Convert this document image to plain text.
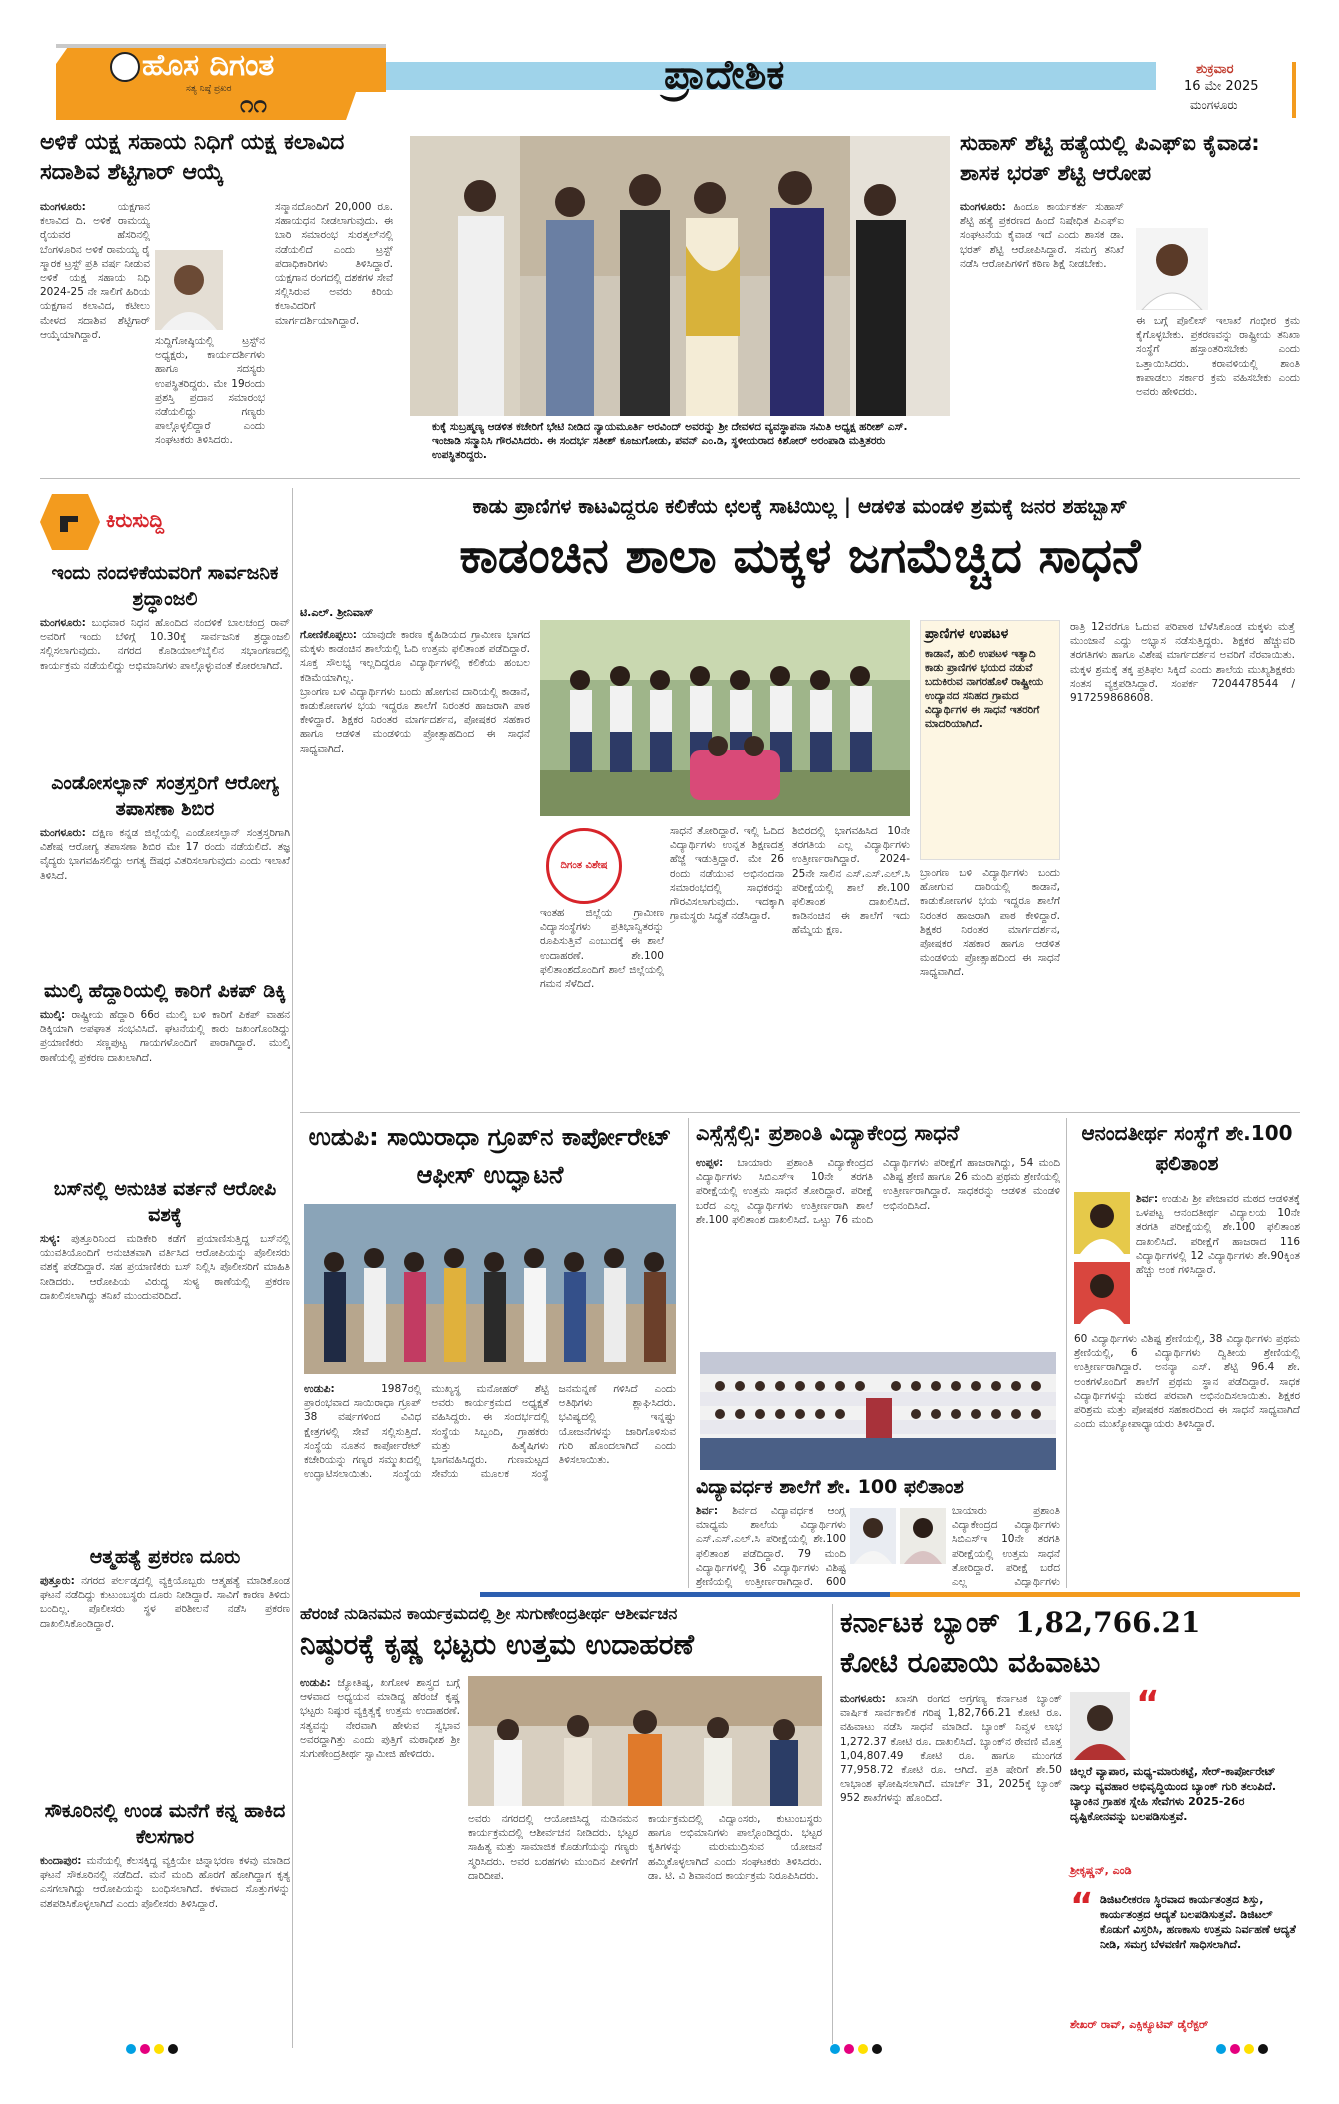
ಹೊಸ ದಿಗಂತ
ಸತ್ಯ ನಿಷ್ಠೆ ಪ್ರಖರ
೧೧
ಪ್ರಾದೇಶಿಕ	ಶುಕ್ರವಾರ
16 ಮೇ 2025
ಮಂಗಳೂರು
ಅಳಿಕೆ ಯಕ್ಷ ಸಹಾಯ ನಿಧಿಗೆ ಯಕ್ಷ ಕಲಾವಿದ ಸದಾಶಿವ ಶೆಟ್ಟಿಗಾರ್ ಆಯ್ಕೆ
ಮಂಗಳೂರು:	ಯಕ್ಷಗಾನ ಕಲಾವಿದ ದಿ. ಅಳಿಕೆ ರಾಮಯ್ಯ ರೈಯವರ ಹೆಸರಿನಲ್ಲಿ ಬೆಂಗಳೂರಿನ ಅಳಿಕೆ ರಾಮಯ್ಯ ರೈ ಸ್ಮಾರಕ ಟ್ರಸ್ಟ್ ಪ್ರತಿ ವರ್ಷ ನೀಡುವ ಅಳಿಕೆ ಯಕ್ಷ ಸಹಾಯ ನಿಧಿ 2024-25 ನೇ ಸಾಲಿಗೆ ಹಿರಿಯ ಯಕ್ಷಗಾನ ಕಲಾವಿದ, ಕಟೀಲು ಮೇಳದ ಸದಾಶಿವ ಶೆಟ್ಟಿಗಾರ್ ಆಯ್ಕೆಯಾಗಿದ್ದಾರೆ.
ಸುದ್ದಿಗೋಷ್ಠಿಯಲ್ಲಿ ಟ್ರಸ್ಟ್‌ನ ಅಧ್ಯಕ್ಷರು, ಕಾರ್ಯದರ್ಶಿಗಳು ಹಾಗೂ ಸದಸ್ಯರು ಉಪಸ್ಥಿತರಿದ್ದರು. ಮೇ 19ರಂದು ಪ್ರಶಸ್ತಿ ಪ್ರದಾನ ಸಮಾರಂಭ ನಡೆಯಲಿದ್ದು ಗಣ್ಯರು ಪಾಲ್ಗೊಳ್ಳಲಿದ್ದಾರೆ ಎಂದು ಸಂಘಟಕರು ತಿಳಿಸಿದರು.
ಸನ್ಮಾನದೊಂದಿಗೆ 20,000 ರೂ. ಸಹಾಯಧನ ನೀಡಲಾಗುವುದು. ಈ ಬಾರಿ ಸಮಾರಂಭ ಸುರತ್ಕಲ್‌ನಲ್ಲಿ ನಡೆಯಲಿದೆ ಎಂದು ಟ್ರಸ್ಟ್ ಪದಾಧಿಕಾರಿಗಳು ತಿಳಿಸಿದ್ದಾರೆ. ಯಕ್ಷಗಾನ ರಂಗದಲ್ಲಿ ದಶಕಗಳ ಸೇವೆ ಸಲ್ಲಿಸಿರುವ ಅವರು ಕಿರಿಯ ಕಲಾವಿದರಿಗೆ ಮಾರ್ಗದರ್ಶಿಯಾಗಿದ್ದಾರೆ.
ಕುಕ್ಕೆ ಸುಬ್ರಹ್ಮಣ್ಯ ಆಡಳಿತ ಕಚೇರಿಗೆ ಭೇಟಿ ನೀಡಿದ ನ್ಯಾಯಮೂರ್ತಿ ಅರವಿಂದ್ ಅವರನ್ನು ಶ್ರೀ ದೇವಳದ ವ್ಯವಸ್ಥಾಪನಾ ಸಮಿತಿ ಅಧ್ಯಕ್ಷ ಹರೀಶ್ ಎಸ್. ಇಂಜಾಡಿ ಸನ್ಮಾನಿಸಿ ಗೌರವಿಸಿದರು. ಈ ಸಂದರ್ಭ ಸತೀಶ್ ಕೂಜುಗೋಡು, ಪವನ್ ಎಂ.ಡಿ, ಸ್ಥಳೀಯರಾದ ಕಿಶೋರ್ ಅರಂಪಾಡಿ ಮತ್ತಿತರರು ಉಪಸ್ಥಿತರಿದ್ದರು.
ಸುಹಾಸ್ ಶೆಟ್ಟಿ ಹತ್ಯೆಯಲ್ಲಿ ಪಿಎಫ್ಐ ಕೈವಾಡ: ಶಾಸಕ ಭರತ್ ಶೆಟ್ಟಿ ಆರೋಪ
ಮಂಗಳೂರು: ಹಿಂದೂ ಕಾರ್ಯಕರ್ತ ಸುಹಾಸ್ ಶೆಟ್ಟಿ ಹತ್ಯೆ ಪ್ರಕರಣದ ಹಿಂದೆ ನಿಷೇಧಿತ ಪಿಎಫ್‌ಐ ಸಂಘಟನೆಯ ಕೈವಾಡ ಇದೆ ಎಂದು ಶಾಸಕ ಡಾ. ಭರತ್ ಶೆಟ್ಟಿ ಆರೋಪಿಸಿದ್ದಾರೆ. ಸಮಗ್ರ ತನಿಖೆ ನಡೆಸಿ ಆರೋಪಿಗಳಿಗೆ ಕಠಿಣ ಶಿಕ್ಷೆ ನೀಡಬೇಕು.
ಈ ಬಗ್ಗೆ ಪೊಲೀಸ್ ಇಲಾಖೆ ಗಂಭೀರ ಕ್ರಮ ಕೈಗೊಳ್ಳಬೇಕು. ಪ್ರಕರಣವನ್ನು ರಾಷ್ಟ್ರೀಯ ತನಿಖಾ ಸಂಸ್ಥೆಗೆ ಹಸ್ತಾಂತರಿಸಬೇಕು ಎಂದು ಒತ್ತಾಯಿಸಿದರು. ಕರಾವಳಿಯಲ್ಲಿ ಶಾಂತಿ ಕಾಪಾಡಲು ಸರ್ಕಾರ ಕ್ರಮ ವಹಿಸಬೇಕು ಎಂದು ಅವರು ಹೇಳಿದರು.
ಕಿರುಸುದ್ದಿ
ಇಂದು ನಂದಳಿಕೆಯವರಿಗೆ ಸಾರ್ವಜನಿಕ ಶ್ರದ್ಧಾಂಜಲಿ
ಮಂಗಳೂರು: ಬುಧವಾರ ನಿಧನ ಹೊಂದಿದ ನಂದಳಿಕೆ ಬಾಲಚಂದ್ರ ರಾವ್ ಅವರಿಗೆ ಇಂದು ಬೆಳಿಗ್ಗೆ 10.30ಕ್ಕೆ ಸಾರ್ವಜನಿಕ ಶ್ರದ್ಧಾಂಜಲಿ ಸಲ್ಲಿಸಲಾಗುವುದು. ನಗರದ ಕೊಡಿಯಾಲ್‌ಬೈಲಿನ ಸಭಾಂಗಣದಲ್ಲಿ ಕಾರ್ಯಕ್ರಮ ನಡೆಯಲಿದ್ದು ಅಭಿಮಾನಿಗಳು ಪಾಲ್ಗೊಳ್ಳುವಂತೆ ಕೋರಲಾಗಿದೆ.
ಎಂಡೋಸಲ್ಫಾನ್ ಸಂತ್ರಸ್ತರಿಗೆ ಆರೋಗ್ಯ ತಪಾಸಣಾ ಶಿಬಿರ
ಮಂಗಳೂರು: ದಕ್ಷಿಣ ಕನ್ನಡ ಜಿಲ್ಲೆಯಲ್ಲಿ ಎಂಡೋಸಲ್ಫಾನ್ ಸಂತ್ರಸ್ತರಿಗಾಗಿ ವಿಶೇಷ ಆರೋಗ್ಯ ತಪಾಸಣಾ ಶಿಬಿರ ಮೇ 17 ರಂದು ನಡೆಯಲಿದೆ. ತಜ್ಞ ವೈದ್ಯರು ಭಾಗವಹಿಸಲಿದ್ದು ಅಗತ್ಯ ಔಷಧ ವಿತರಿಸಲಾಗುವುದು ಎಂದು ಇಲಾಖೆ ತಿಳಿಸಿದೆ.
ಮುಲ್ಕಿ ಹೆದ್ದಾರಿಯಲ್ಲಿ ಕಾರಿಗೆ ಪಿಕಪ್ ಡಿಕ್ಕಿ
ಮುಲ್ಕಿ: ರಾಷ್ಟ್ರೀಯ ಹೆದ್ದಾರಿ 66ರ ಮುಲ್ಕಿ ಬಳಿ ಕಾರಿಗೆ ಪಿಕಪ್ ವಾಹನ ಡಿಕ್ಕಿಯಾಗಿ ಅಪಘಾತ ಸಂಭವಿಸಿದೆ. ಘಟನೆಯಲ್ಲಿ ಕಾರು ಜಖಂಗೊಂಡಿದ್ದು ಪ್ರಯಾಣಿಕರು ಸಣ್ಣಪುಟ್ಟ ಗಾಯಗಳೊಂದಿಗೆ ಪಾರಾಗಿದ್ದಾರೆ. ಮುಲ್ಕಿ ಠಾಣೆಯಲ್ಲಿ ಪ್ರಕರಣ ದಾಖಲಾಗಿದೆ.
ಬಸ್‌ನಲ್ಲಿ ಅನುಚಿತ ವರ್ತನೆ ಆರೋಪಿ ವಶಕ್ಕೆ
ಸುಳ್ಯ: ಪುತ್ತೂರಿನಿಂದ ಮಡಿಕೇರಿ ಕಡೆಗೆ ಪ್ರಯಾಣಿಸುತ್ತಿದ್ದ ಬಸ್‌ನಲ್ಲಿ ಯುವತಿಯೊಂದಿಗೆ ಅನುಚಿತವಾಗಿ ವರ್ತಿಸಿದ ಆರೋಪಿಯನ್ನು ಪೊಲೀಸರು ವಶಕ್ಕೆ ಪಡೆದಿದ್ದಾರೆ. ಸಹ ಪ್ರಯಾಣಿಕರು ಬಸ್ ನಿಲ್ಲಿಸಿ ಪೊಲೀಸರಿಗೆ ಮಾಹಿತಿ ನೀಡಿದರು. ಆರೋಪಿಯ ವಿರುದ್ಧ ಸುಳ್ಯ ಠಾಣೆಯಲ್ಲಿ ಪ್ರಕರಣ ದಾಖಲಿಸಲಾಗಿದ್ದು ತನಿಖೆ ಮುಂದುವರಿದಿದೆ.
ಆತ್ಮಹತ್ಯೆ ಪ್ರಕರಣ ದೂರು
ಪುತ್ತೂರು: ನಗರದ ಪರ್ಲಡ್ಕದಲ್ಲಿ ವ್ಯಕ್ತಿಯೊಬ್ಬರು ಆತ್ಮಹತ್ಯೆ ಮಾಡಿಕೊಂಡ ಘಟನೆ ನಡೆದಿದ್ದು ಕುಟುಂಬಸ್ಥರು ದೂರು ನೀಡಿದ್ದಾರೆ. ಸಾವಿಗೆ ಕಾರಣ ತಿಳಿದು ಬಂದಿಲ್ಲ. ಪೊಲೀಸರು ಸ್ಥಳ ಪರಿಶೀಲನೆ ನಡೆಸಿ ಪ್ರಕರಣ ದಾಖಲಿಸಿಕೊಂಡಿದ್ದಾರೆ.
ಸೌಕೂರಿನಲ್ಲಿ ಉಂಡ ಮನೆಗೆ ಕನ್ನ ಹಾಕಿದ ಕೆಲಸಗಾರ
ಕುಂದಾಪುರ: ಮನೆಯಲ್ಲಿ ಕೆಲಸಕ್ಕಿದ್ದ ವ್ಯಕ್ತಿಯೇ ಚಿನ್ನಾಭರಣ ಕಳವು ಮಾಡಿದ ಘಟನೆ ಸೌಕೂರಿನಲ್ಲಿ ನಡೆದಿದೆ. ಮನೆ ಮಂದಿ ಹೊರಗೆ ಹೋಗಿದ್ದಾಗ ಕೃತ್ಯ ಎಸಗಲಾಗಿದ್ದು ಆರೋಪಿಯನ್ನು ಬಂಧಿಸಲಾಗಿದೆ. ಕಳವಾದ ಸೊತ್ತುಗಳನ್ನು ವಶಪಡಿಸಿಕೊಳ್ಳಲಾಗಿದೆ ಎಂದು ಪೊಲೀಸರು ತಿಳಿಸಿದ್ದಾರೆ.
ಕಾಡು ಪ್ರಾಣಿಗಳ ಕಾಟವಿದ್ದರೂ ಕಲಿಕೆಯ ಛಲಕ್ಕೆ ಸಾಟಿಯಿಲ್ಲ | ಆಡಳಿತ ಮಂಡಳಿ ಶ್ರಮಕ್ಕೆ ಜನರ ಶಹಬ್ಬಾಸ್
ಕಾಡಂಚಿನ ಶಾಲಾ ಮಕ್ಕಳ ಜಗಮೆಚ್ಚಿದ ಸಾಧನೆ
ಟಿ.ಎಲ್. ಶ್ರೀನಿವಾಸ್
ಗೋಣಿಕೊಪ್ಪಲು: ಯಾವುದೇ ಕಾರಣ ಕೈಹಿಡಿಯದ ಗ್ರಾಮೀಣ ಭಾಗದ ಮಕ್ಕಳು ಕಾಡಂಚಿನ ಶಾಲೆಯಲ್ಲಿ ಓದಿ ಉತ್ತಮ ಫಲಿತಾಂಶ ಪಡೆದಿದ್ದಾರೆ. ಸೂಕ್ತ ಸೌಲಭ್ಯ ಇಲ್ಲದಿದ್ದರೂ ವಿದ್ಯಾರ್ಥಿಗಳಲ್ಲಿ ಕಲಿಕೆಯ ಹಂಬಲ ಕಡಿಮೆಯಾಗಿಲ್ಲ.
ಬ್ರಾಂಗಣ ಬಳಿ ವಿದ್ಯಾರ್ಥಿಗಳು ಬಂದು ಹೋಗುವ ದಾರಿಯಲ್ಲಿ ಕಾಡಾನೆ, ಕಾಡುಕೋಣಗಳ ಭಯ ಇದ್ದರೂ ಶಾಲೆಗೆ ನಿರಂತರ ಹಾಜರಾಗಿ ಪಾಠ ಕೇಳಿದ್ದಾರೆ. ಶಿಕ್ಷಕರ ನಿರಂತರ ಮಾರ್ಗದರ್ಶನ, ಪೋಷಕರ ಸಹಕಾರ ಹಾಗೂ ಆಡಳಿತ ಮಂಡಳಿಯ ಪ್ರೋತ್ಸಾಹದಿಂದ ಈ ಸಾಧನೆ ಸಾಧ್ಯವಾಗಿದೆ.
ದಿಗಂತ ವಿಶೇಷ
ಇಂತಹ ಜಿಲ್ಲೆಯ ಗ್ರಾಮೀಣ ವಿದ್ಯಾಸಂಸ್ಥೆಗಳು ಪ್ರತಿಭಾನ್ವಿತರನ್ನು ರೂಪಿಸುತ್ತಿವೆ ಎಂಬುದಕ್ಕೆ ಈ ಶಾಲೆ ಉದಾಹರಣೆ. ಶೇ.100 ಫಲಿತಾಂಶದೊಂದಿಗೆ ಶಾಲೆ ಜಿಲ್ಲೆಯಲ್ಲಿ ಗಮನ ಸೆಳೆದಿದೆ.
ಸಾಧನೆ ತೋರಿದ್ದಾರೆ. ಇಲ್ಲಿ ಓದಿದ ವಿದ್ಯಾರ್ಥಿಗಳು ಉನ್ನತ ಶಿಕ್ಷಣದತ್ತ ಹೆಜ್ಜೆ ಇಡುತ್ತಿದ್ದಾರೆ. ಮೇ 26 ರಂದು ನಡೆಯುವ ಅಭಿನಂದನಾ ಸಮಾರಂಭದಲ್ಲಿ ಸಾಧಕರನ್ನು ಗೌರವಿಸಲಾಗುವುದು. ಇದಕ್ಕಾಗಿ ಗ್ರಾಮಸ್ಥರು ಸಿದ್ಧತೆ ನಡೆಸಿದ್ದಾರೆ.
ಶಿಬಿರದಲ್ಲಿ ಭಾಗವಹಿಸಿದ 10ನೇ ತರಗತಿಯ ಎಲ್ಲ ವಿದ್ಯಾರ್ಥಿಗಳು ಉತ್ತೀರ್ಣರಾಗಿದ್ದಾರೆ. 2024-25ನೇ ಸಾಲಿನ ಎಸ್.ಎಸ್.ಎಲ್.ಸಿ ಪರೀಕ್ಷೆಯಲ್ಲಿ ಶಾಲೆ ಶೇ.100 ಫಲಿತಾಂಶ ದಾಖಲಿಸಿದೆ. ಕಾಡಿನಂಚಿನ ಈ ಶಾಲೆಗೆ ಇದು ಹೆಮ್ಮೆಯ ಕ್ಷಣ.
ಪ್ರಾಣಿಗಳ ಉಪಟಳ
ಕಾಡಾನೆ, ಹುಲಿ ಉಪಟಳ ಇತ್ಯಾದಿ ಕಾಡು ಪ್ರಾಣಿಗಳ ಭಯದ ನಡುವೆ ಬದುಕಿರುವ ನಾಗರಹೊಳೆ ರಾಷ್ಟ್ರೀಯ ಉದ್ಯಾನದ ಸನಿಹದ ಗ್ರಾಮದ ವಿದ್ಯಾರ್ಥಿಗಳ ಈ ಸಾಧನೆ ಇತರರಿಗೆ ಮಾದರಿಯಾಗಿದೆ.
ಬ್ರಾಂಗಣ ಬಳಿ ವಿದ್ಯಾರ್ಥಿಗಳು ಬಂದು ಹೋಗುವ ದಾರಿಯಲ್ಲಿ ಕಾಡಾನೆ, ಕಾಡುಕೋಣಗಳ ಭಯ ಇದ್ದರೂ ಶಾಲೆಗೆ ನಿರಂತರ ಹಾಜರಾಗಿ ಪಾಠ ಕೇಳಿದ್ದಾರೆ. ಶಿಕ್ಷಕರ ನಿರಂತರ ಮಾರ್ಗದರ್ಶನ, ಪೋಷಕರ ಸಹಕಾರ ಹಾಗೂ ಆಡಳಿತ ಮಂಡಳಿಯ ಪ್ರೋತ್ಸಾಹದಿಂದ ಈ ಸಾಧನೆ ಸಾಧ್ಯವಾಗಿದೆ.
ರಾತ್ರಿ 12ವರೆಗೂ ಓದುವ ಪರಿಪಾಠ ಬೆಳೆಸಿಕೊಂಡ ಮಕ್ಕಳು ಮತ್ತೆ ಮುಂಜಾನೆ ಎದ್ದು ಅಭ್ಯಾಸ ನಡೆಸುತ್ತಿದ್ದರು. ಶಿಕ್ಷಕರ ಹೆಚ್ಚುವರಿ ತರಗತಿಗಳು ಹಾಗೂ ವಿಶೇಷ ಮಾರ್ಗದರ್ಶನ ಅವರಿಗೆ ನೆರವಾಯಿತು. ಮಕ್ಕಳ ಶ್ರಮಕ್ಕೆ ತಕ್ಕ ಪ್ರತಿಫಲ ಸಿಕ್ಕಿದೆ ಎಂದು ಶಾಲೆಯ ಮುಖ್ಯಶಿಕ್ಷಕರು ಸಂತಸ ವ್ಯಕ್ತಪಡಿಸಿದ್ದಾರೆ. ಸಂಪರ್ಕ 7204478544 / 917259868608.
ಉಡುಪಿ: ಸಾಯಿರಾಧಾ ಗ್ರೂಪ್‌ನ ಕಾರ್ಪೋರೇಟ್ ಆಫೀಸ್ ಉದ್ಘಾಟನೆ
ಉಡುಪಿ:	1987ರಲ್ಲಿ ಪ್ರಾರಂಭವಾದ ಸಾಯಿರಾಧಾ ಗ್ರೂಪ್ 38 ವರ್ಷಗಳಿಂದ ವಿವಿಧ ಕ್ಷೇತ್ರಗಳಲ್ಲಿ ಸೇವೆ ಸಲ್ಲಿಸುತ್ತಿದೆ. ಸಂಸ್ಥೆಯ ನೂತನ ಕಾರ್ಪೋರೇಟ್ ಕಚೇರಿಯನ್ನು ಗಣ್ಯರ ಸಮ್ಮುಖದಲ್ಲಿ ಉದ್ಘಾಟಿಸಲಾಯಿತು. ಸಂಸ್ಥೆಯ ಮುಖ್ಯಸ್ಥ ಮನೋಹರ್ ಶೆಟ್ಟಿ ಅವರು ಕಾರ್ಯಕ್ರಮದ ಅಧ್ಯಕ್ಷತೆ ವಹಿಸಿದ್ದರು. ಈ ಸಂದರ್ಭದಲ್ಲಿ ಸಂಸ್ಥೆಯ ಸಿಬ್ಬಂದಿ, ಗ್ರಾಹಕರು ಮತ್ತು ಹಿತೈಷಿಗಳು ಭಾಗವಹಿಸಿದ್ದರು. ಗುಣಮಟ್ಟದ ಸೇವೆಯ ಮೂಲಕ ಸಂಸ್ಥೆ ಜನಮನ್ನಣೆ ಗಳಿಸಿದೆ ಎಂದು ಅತಿಥಿಗಳು ಶ್ಲಾಘಿಸಿದರು. ಭವಿಷ್ಯದಲ್ಲಿ ಇನ್ನಷ್ಟು ಯೋಜನೆಗಳನ್ನು ಜಾರಿಗೊಳಿಸುವ ಗುರಿ ಹೊಂದಲಾಗಿದೆ ಎಂದು ತಿಳಿಸಲಾಯಿತು.
ಎಸ್ಸೆಸ್ಸೆಲ್ಸಿ: ಪ್ರಶಾಂತಿ ವಿದ್ಯಾಕೇಂದ್ರ ಸಾಧನೆ
ಉಪ್ಪಳ: ಬಾಯಾರು ಪ್ರಶಾಂತಿ ವಿದ್ಯಾಕೇಂದ್ರದ ವಿದ್ಯಾರ್ಥಿಗಳು ಸಿಬಿಎಸ್‌ಇ 10ನೇ ತರಗತಿ ಪರೀಕ್ಷೆಯಲ್ಲಿ ಉತ್ತಮ ಸಾಧನೆ ತೋರಿದ್ದಾರೆ. ಪರೀಕ್ಷೆ ಬರೆದ ಎಲ್ಲ ವಿದ್ಯಾರ್ಥಿಗಳು ಉತ್ತೀರ್ಣರಾಗಿ ಶಾಲೆ ಶೇ.100 ಫಲಿತಾಂಶ ದಾಖಲಿಸಿದೆ. ಒಟ್ಟು 76 ಮಂದಿ ವಿದ್ಯಾರ್ಥಿಗಳು ಪರೀಕ್ಷೆಗೆ ಹಾಜರಾಗಿದ್ದು, 54 ಮಂದಿ ವಿಶಿಷ್ಟ ಶ್ರೇಣಿ ಹಾಗೂ 26 ಮಂದಿ ಪ್ರಥಮ ಶ್ರೇಣಿಯಲ್ಲಿ ಉತ್ತೀರ್ಣರಾಗಿದ್ದಾರೆ. ಸಾಧಕರನ್ನು ಆಡಳಿತ ಮಂಡಳಿ ಅಭಿನಂದಿಸಿದೆ.
ವಿದ್ಯಾವರ್ಧಕ ಶಾಲೆಗೆ ಶೇ. 100 ಫಲಿತಾಂಶ
ಶಿರ್ವ: ಶಿರ್ವದ ವಿದ್ಯಾವರ್ಧಕ ಆಂಗ್ಲ ಮಾಧ್ಯಮ ಶಾಲೆಯ ವಿದ್ಯಾರ್ಥಿಗಳು ಎಸ್.ಎಸ್.ಎಲ್.ಸಿ ಪರೀಕ್ಷೆಯಲ್ಲಿ ಶೇ.100 ಫಲಿತಾಂಶ ಪಡೆದಿದ್ದಾರೆ. 79 ಮಂದಿ ವಿದ್ಯಾರ್ಥಿಗಳಲ್ಲಿ 36 ವಿದ್ಯಾರ್ಥಿಗಳು ವಿಶಿಷ್ಟ ಶ್ರೇಣಿಯಲ್ಲಿ ಉತ್ತೀರ್ಣರಾಗಿದ್ದಾರೆ. 600
ಬಾಯಾರು ಪ್ರಶಾಂತಿ ವಿದ್ಯಾಕೇಂದ್ರದ ವಿದ್ಯಾರ್ಥಿಗಳು ಸಿಬಿಎಸ್‌ಇ 10ನೇ ತರಗತಿ ಪರೀಕ್ಷೆಯಲ್ಲಿ ಉತ್ತಮ ಸಾಧನೆ ತೋರಿದ್ದಾರೆ. ಪರೀಕ್ಷೆ ಬರೆದ ಎಲ್ಲ ವಿದ್ಯಾರ್ಥಿಗಳು
ಆನಂದತೀರ್ಥ ಸಂಸ್ಥೆಗೆ ಶೇ.100 ಫಲಿತಾಂಶ
ಶಿರ್ವ: ಉಡುಪಿ ಶ್ರೀ ಪೇಜಾವರ ಮಠದ ಆಡಳಿತಕ್ಕೆ ಒಳಪಟ್ಟ ಆನಂದತೀರ್ಥ ವಿದ್ಯಾಲಯ 10ನೇ ತರಗತಿ ಪರೀಕ್ಷೆಯಲ್ಲಿ ಶೇ.100 ಫಲಿತಾಂಶ ದಾಖಲಿಸಿದೆ. ಪರೀಕ್ಷೆಗೆ ಹಾಜರಾದ 116 ವಿದ್ಯಾರ್ಥಿಗಳಲ್ಲಿ 12 ವಿದ್ಯಾರ್ಥಿಗಳು ಶೇ.90ಕ್ಕಿಂತ ಹೆಚ್ಚು ಅಂಕ ಗಳಿಸಿದ್ದಾರೆ.
60 ವಿದ್ಯಾರ್ಥಿಗಳು ವಿಶಿಷ್ಟ ಶ್ರೇಣಿಯಲ್ಲಿ, 38 ವಿದ್ಯಾರ್ಥಿಗಳು ಪ್ರಥಮ ಶ್ರೇಣಿಯಲ್ಲಿ, 6 ವಿದ್ಯಾರ್ಥಿಗಳು ದ್ವಿತೀಯ ಶ್ರೇಣಿಯಲ್ಲಿ ಉತ್ತೀರ್ಣರಾಗಿದ್ದಾರೆ. ಅನನ್ಯಾ ಎಸ್. ಶೆಟ್ಟಿ 96.4 ಶೇ. ಅಂಕಗಳೊಂದಿಗೆ ಶಾಲೆಗೆ ಪ್ರಥಮ ಸ್ಥಾನ ಪಡೆದಿದ್ದಾರೆ. ಸಾಧಕ ವಿದ್ಯಾರ್ಥಿಗಳನ್ನು ಮಠದ ಪರವಾಗಿ ಅಭಿನಂದಿಸಲಾಯಿತು. ಶಿಕ್ಷಕರ ಪರಿಶ್ರಮ ಮತ್ತು ಪೋಷಕರ ಸಹಕಾರದಿಂದ ಈ ಸಾಧನೆ ಸಾಧ್ಯವಾಗಿದೆ ಎಂದು ಮುಖ್ಯೋಪಾಧ್ಯಾಯರು ತಿಳಿಸಿದ್ದಾರೆ.
ಹೆರಂಜೆ ನುಡಿನಮನ ಕಾರ್ಯಕ್ರಮದಲ್ಲಿ ಶ್ರೀ ಸುಗುಣೇಂದ್ರತೀರ್ಥ ಆಶೀರ್ವಚನ
ನಿಷ್ಠುರಕ್ಕೆ ಕೃಷ್ಣ ಭಟ್ಟರು ಉತ್ತಮ ಉದಾಹರಣೆ
ಉಡುಪಿ: ಜ್ಯೋತಿಷ್ಯ, ಖಗೋಳ ಶಾಸ್ತ್ರದ ಬಗ್ಗೆ ಆಳವಾದ ಅಧ್ಯಯನ ಮಾಡಿದ್ದ ಹೆರಂಜೆ ಕೃಷ್ಣ ಭಟ್ಟರು ನಿಷ್ಠುರ ವ್ಯಕ್ತಿತ್ವಕ್ಕೆ ಉತ್ತಮ ಉದಾಹರಣೆ. ಸತ್ಯವನ್ನು ನೇರವಾಗಿ ಹೇಳುವ ಸ್ವಭಾವ ಅವರದ್ದಾಗಿತ್ತು ಎಂದು ಪುತ್ತಿಗೆ ಮಠಾಧೀಶ ಶ್ರೀ ಸುಗುಣೇಂದ್ರತೀರ್ಥ ಸ್ವಾಮೀಜಿ ಹೇಳಿದರು.
ಅವರು ನಗರದಲ್ಲಿ ಆಯೋಜಿಸಿದ್ದ ನುಡಿನಮನ ಕಾರ್ಯಕ್ರಮದಲ್ಲಿ ಆಶೀರ್ವಚನ ನೀಡಿದರು. ಭಟ್ಟರ ಸಾಹಿತ್ಯ ಮತ್ತು ಸಾಮಾಜಿಕ ಕೊಡುಗೆಯನ್ನು ಗಣ್ಯರು ಸ್ಮರಿಸಿದರು. ಅವರ ಬರಹಗಳು ಮುಂದಿನ ಪೀಳಿಗೆಗೆ ದಾರಿದೀಪ.
ಕಾರ್ಯಕ್ರಮದಲ್ಲಿ ವಿದ್ವಾಂಸರು, ಕುಟುಂಬಸ್ಥರು ಹಾಗೂ ಅಭಿಮಾನಿಗಳು ಪಾಲ್ಗೊಂಡಿದ್ದರು. ಭಟ್ಟರ ಕೃತಿಗಳನ್ನು ಮರುಮುದ್ರಿಸುವ ಯೋಜನೆ ಹಮ್ಮಿಕೊಳ್ಳಲಾಗಿದೆ ಎಂದು ಸಂಘಟಕರು ತಿಳಿಸಿದರು. ಡಾ. ಟಿ. ವಿ ಶಿವಾನಂದ ಕಾರ್ಯಕ್ರಮ ನಿರೂಪಿಸಿದರು.
ಕರ್ನಾಟಕ ಬ್ಯಾಂಕ್ 1,82,766.21
ಕೋಟಿ ರೂಪಾಯಿ ವಹಿವಾಟು
ಮಂಗಳೂರು: ಖಾಸಗಿ ರಂಗದ ಅಗ್ರಗಣ್ಯ ಕರ್ನಾಟಕ ಬ್ಯಾಂಕ್ ವಾರ್ಷಿಕ ಸಾರ್ವಕಾಲಿಕ ಗರಿಷ್ಠ 1,82,766.21 ಕೋಟಿ ರೂ. ವಹಿವಾಟು ನಡೆಸಿ ಸಾಧನೆ ಮಾಡಿದೆ. ಬ್ಯಾಂಕ್ ನಿವ್ವಳ ಲಾಭ 1,272.37 ಕೋಟಿ ರೂ. ದಾಖಲಿಸಿದೆ. ಬ್ಯಾಂಕ್‌ನ ಠೇವಣಿ ಮೊತ್ತ 1,04,807.49 ಕೋಟಿ ರೂ. ಹಾಗೂ ಮುಂಗಡ 77,958.72 ಕೋಟಿ ರೂ. ಆಗಿದೆ. ಪ್ರತಿ ಷೇರಿಗೆ ಶೇ.50 ಲಾಭಾಂಶ ಘೋಷಿಸಲಾಗಿದೆ. ಮಾರ್ಚ್ 31, 2025ಕ್ಕೆ ಬ್ಯಾಂಕ್ 952 ಶಾಖೆಗಳನ್ನು ಹೊಂದಿದೆ.
“
ಚಿಲ್ಲರೆ ವ್ಯಾಪಾರ, ಮಧ್ಯ-ಮಾರುಕಟ್ಟೆ, ಸೇರ್-ಕಾರ್ಪೋರೇಟ್ ನಾಲ್ಕು ವ್ಯವಹಾರ ಅಭಿವೃದ್ಧಿಯಿಂದ ಬ್ಯಾಂಕ್ ಗುರಿ ತಲುಪಿದೆ. ಬ್ಯಾಂಕಿನ ಗ್ರಾಹಕ ಸ್ನೇಹಿ ಸೇವೆಗಳು 2025-26ರ ದೃಷ್ಟಿಕೋನವನ್ನು ಬಲಪಡಿಸುತ್ತವೆ.
ಶ್ರೀಕೃಷ್ಣನ್, ಎಂಡಿ
“ ಡಿಜಿಟಲೀಕರಣ ಸ್ಥಿರವಾದ ಕಾರ್ಯತಂತ್ರದ ಶಿಸ್ತು, ಕಾರ್ಯತಂತ್ರದ ಆದ್ಯತೆ ಬಲಪಡಿಸುತ್ತವೆ. ಡಿಜಿಟಲ್ ಕೊಡುಗೆ ವಿಸ್ತರಿಸಿ, ಹಣಕಾಸು ಉತ್ತಮ ನಿರ್ವಹಣೆ ಆದ್ಯತೆ ನೀಡಿ, ಸಮಗ್ರ ಬೆಳವಣಿಗೆ ಸಾಧಿಸಲಾಗಿದೆ.
ಶೇಖರ್ ರಾವ್, ಎಕ್ಸಿಕ್ಯೂಟಿವ್ ಡೈರೆಕ್ಟರ್
